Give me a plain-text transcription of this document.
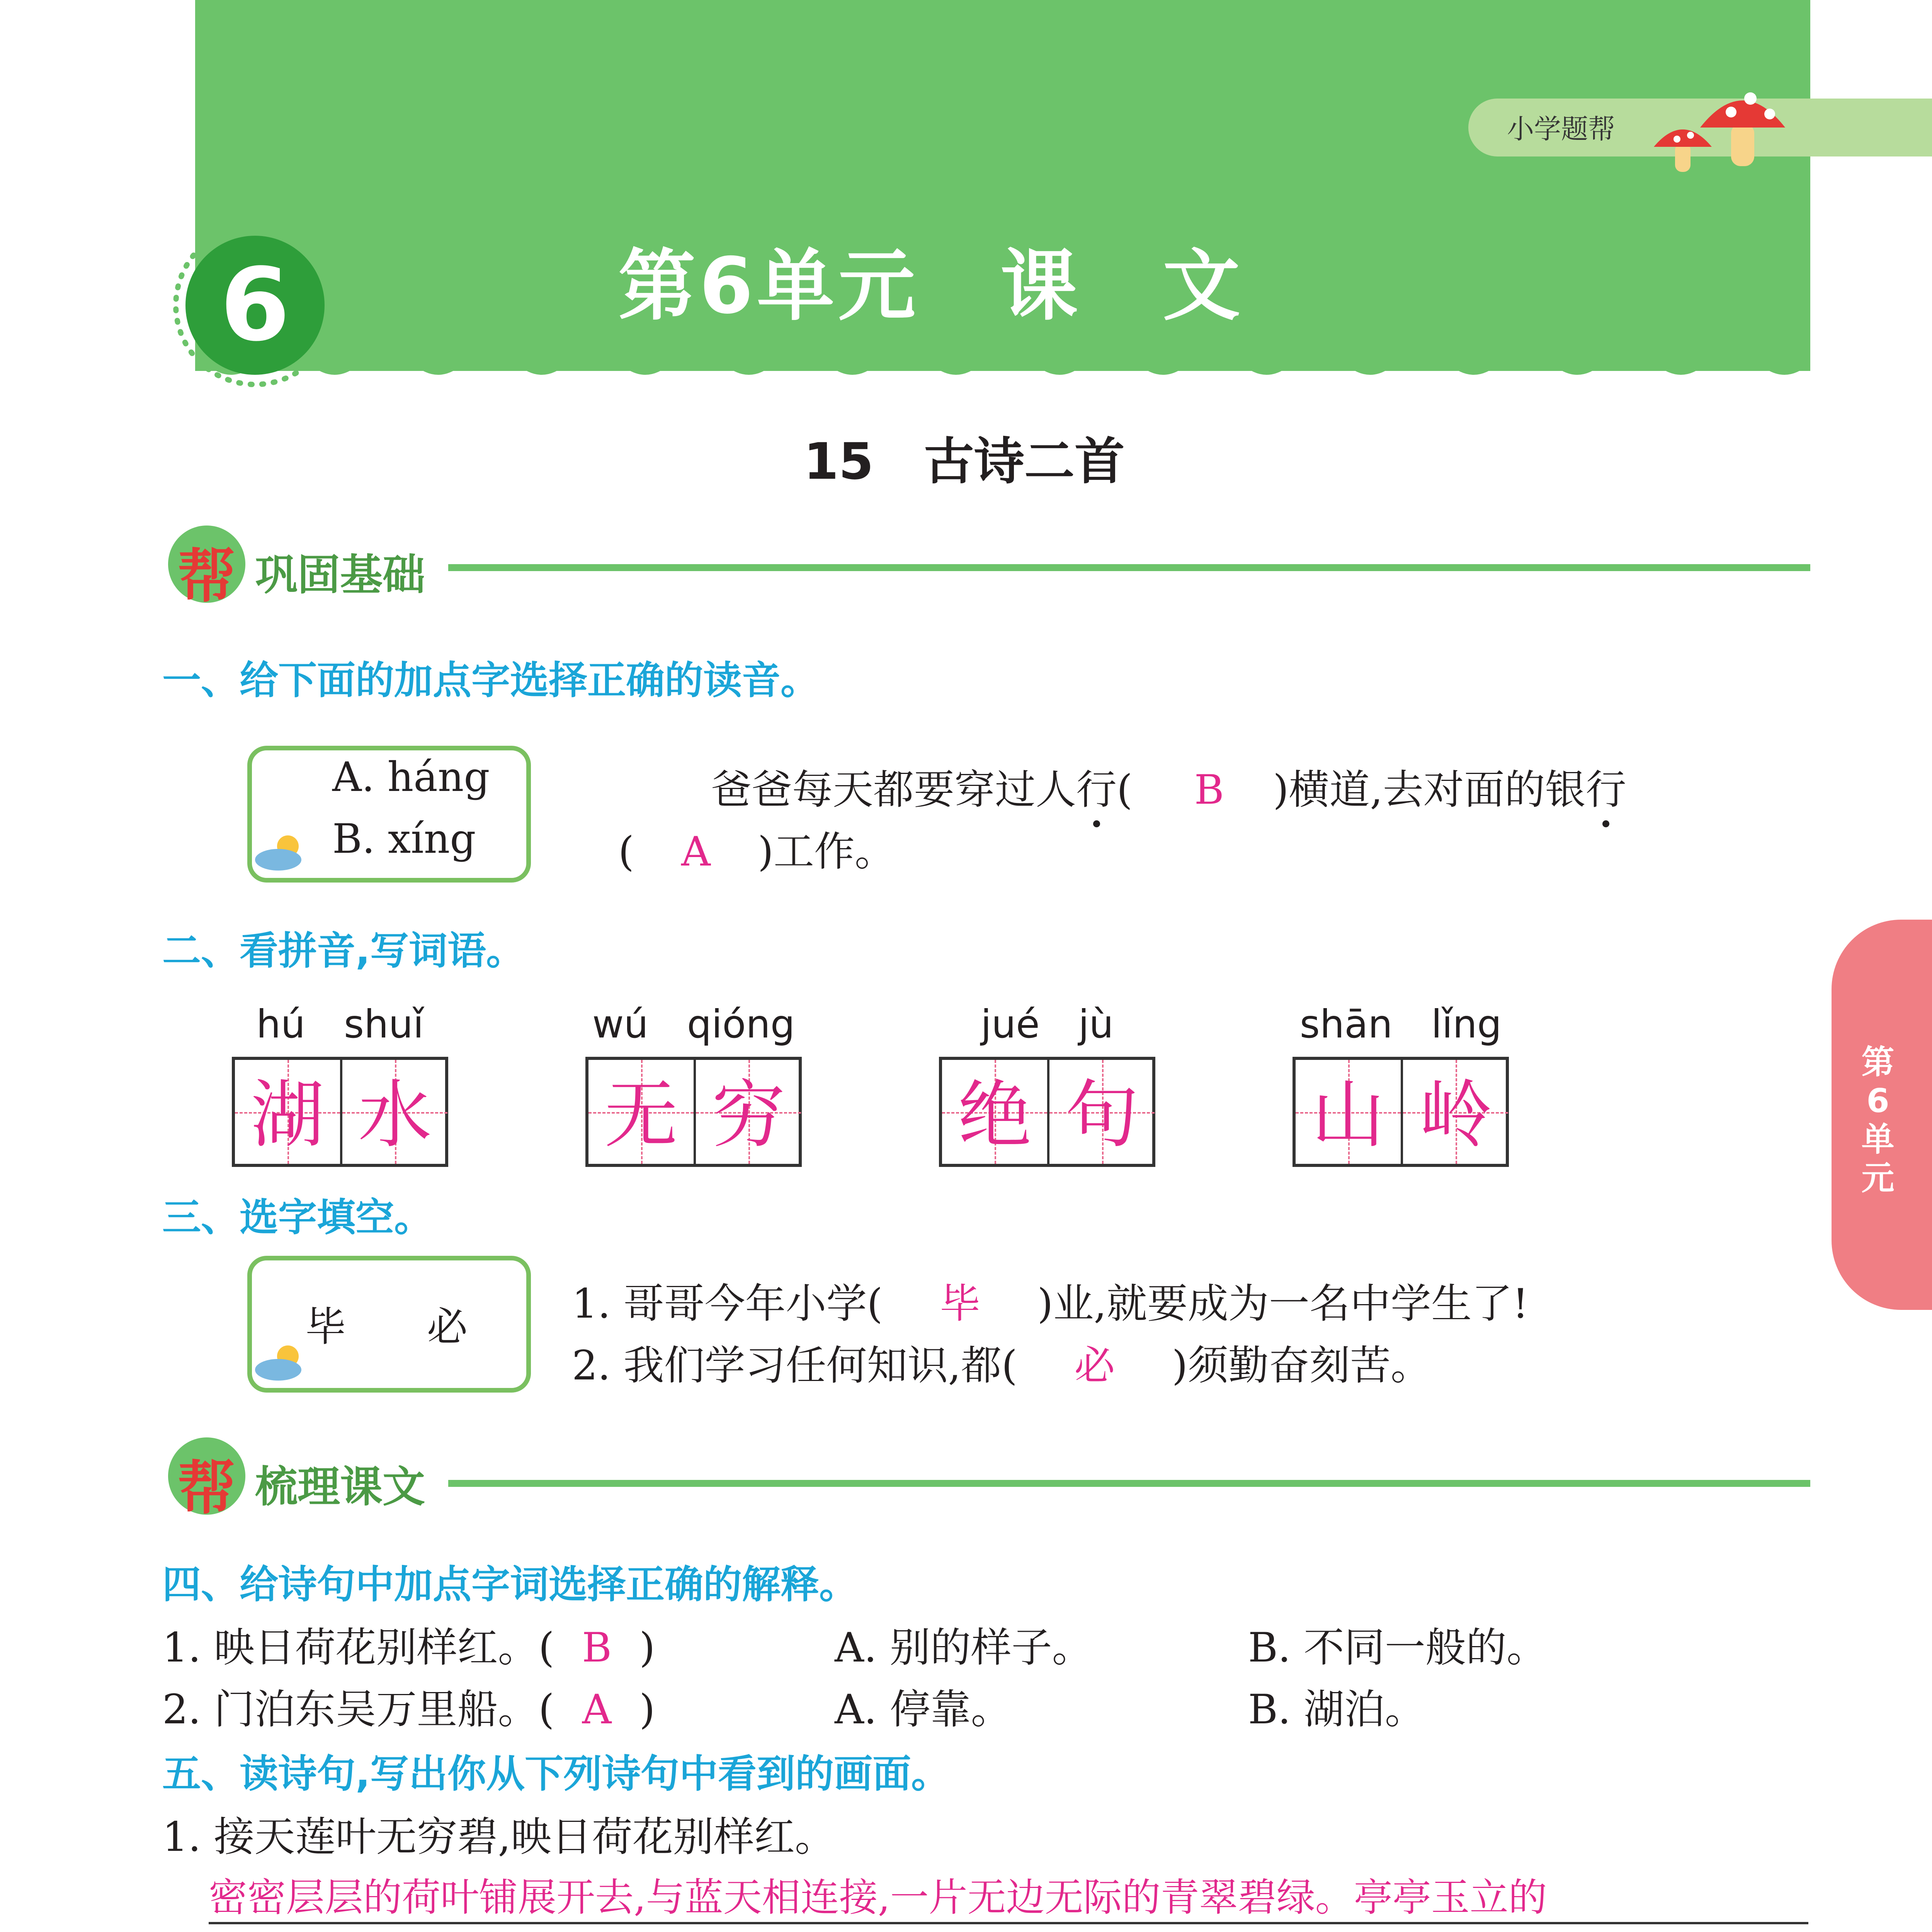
小学题帮
6	第6单元　课　文
15　古诗二首
帮 巩固基础
一、给下面的加点字选择正确的读音。
A. háng
B. xíng
爸爸每天都要穿过人行( B )横道,去对面的银行
( A )工作。
二、看拼音,写词语。
hú　shuǐ
湖 水
wú　qióng
无 穷
jué　jù
绝 句
shān　lǐng
山 岭
三、选字填空。
毕　　必	1. 哥哥今年小学( 毕 )业,就要成为一名中学生了!
2. 我们学习任何知识,都( 必 )须勤奋刻苦。
帮 梳理课文
四、给诗句中加点字词选择正确的解释。
1. 映日荷花别样红。( B )	A. 别的样子。	B. 不同一般的。
2. 门泊东吴万里船。( A )	A. 停靠。	B. 湖泊。
五、读诗句,写出你从下列诗句中看到的画面。
1. 接天莲叶无穷碧,映日荷花别样红。
密密层层的荷叶铺展开去,与蓝天相连接,一片无边无际的青翠碧绿。亭亭玉立的
第6单元
